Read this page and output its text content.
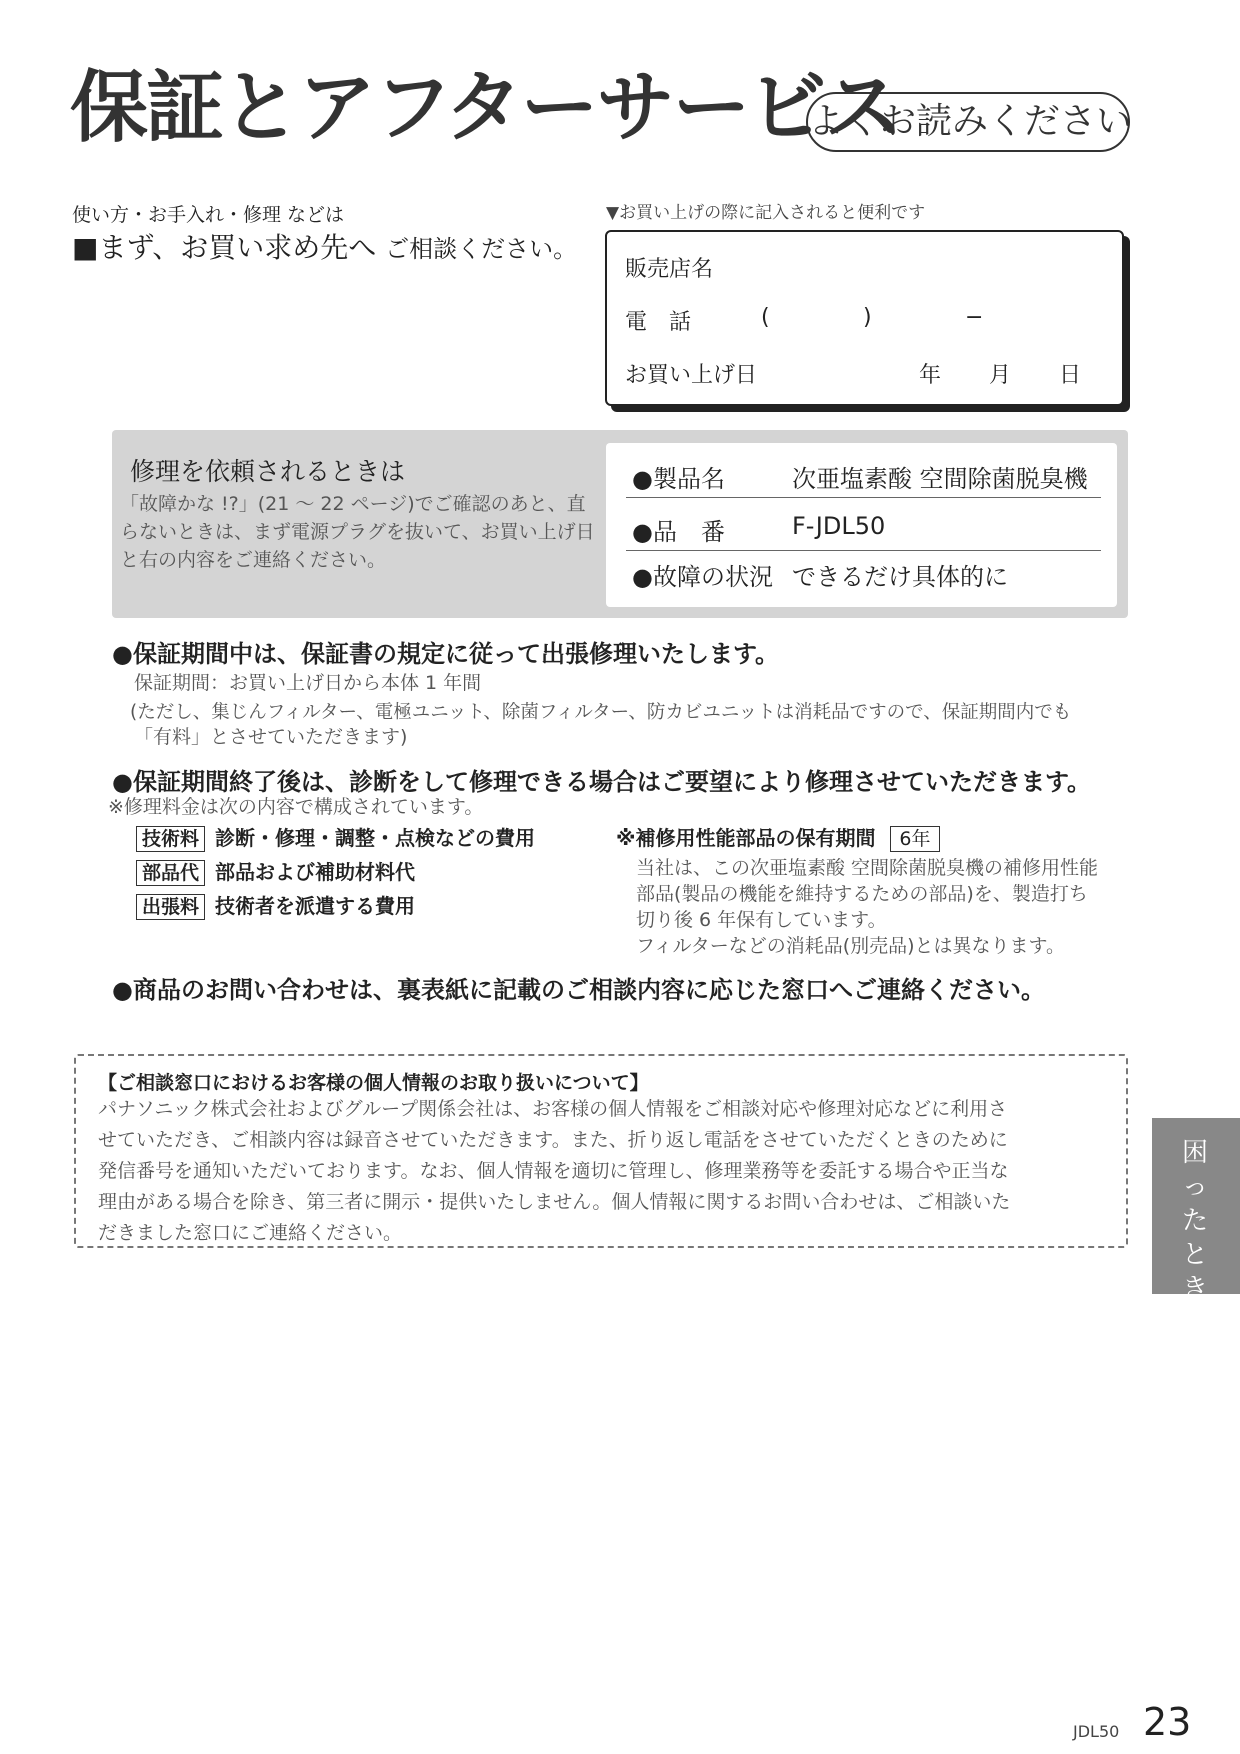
保証とアフターサービス
よくお読みください
使い方・お手入れ・修理 などは
■まず、お買い求め先へ ご相談ください。
▼お買い上げの際に記入されると便利です
販売店名
電　話	(	)	−
お買い上げ日	年 月 日
修理を依頼されるときは
「故障かな !?」(21 ～ 22 ページ)でご確認のあと、直らないときは、まず電源プラグを抜いて、お買い上げ日と右の内容をご連絡ください。
●製品名	次亜塩素酸 空間除菌脱臭機
●品　番	F-JDL50
●故障の状況 できるだけ具体的に
●保証期間中は、保証書の規定に従って出張修理いたします。
保証期間：お買い上げ日から本体 1 年間
(ただし、集じんフィルター、電極ユニット、除菌フィルター、防カビユニットは消耗品ですので、保証期間内でも
「有料」とさせていただきます)
●保証期間終了後は、診断をして修理できる場合はご要望により修理させていただきます。
※修理料金は次の内容で構成されています。
技術料 診断・修理・調整・点検などの費用
部品代 部品および補助材料代
出張料 技術者を派遣する費用
※補修用性能部品の保有期間 6年
当社は、この次亜塩素酸 空間除菌脱臭機の補修用性能
部品(製品の機能を維持するための部品)を、製造打ち
切り後 6 年保有しています。
フィルターなどの消耗品(別売品)とは異なります。
●商品のお問い合わせは、裏表紙に記載のご相談内容に応じた窓口へご連絡ください。
【ご相談窓口におけるお客様の個人情報のお取り扱いについて】
パナソニック株式会社およびグループ関係会社は、お客様の個人情報をご相談対応や修理対応などに利用さ
せていただき、ご相談内容は録音させていただきます。また、折り返し電話をさせていただくときのために
発信番号を通知いただいております。なお、個人情報を適切に管理し、修理業務等を委託する場合や正当な
理由がある場合を除き、第三者に開示・提供いたしません。個人情報に関するお問い合わせは、ご相談いた
だきました窓口にご連絡ください。
困ったとき
JDL50 23
